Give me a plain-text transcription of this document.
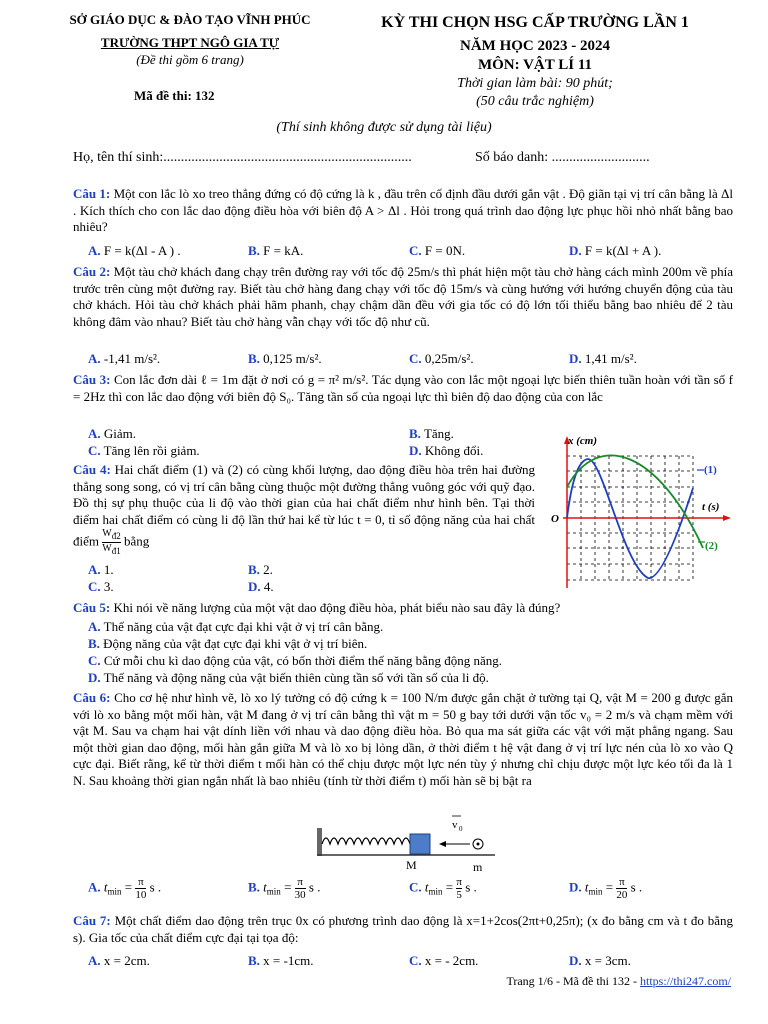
SỞ GIÁO DỤC & ĐÀO TẠO VĨNH PHÚC
TRƯỜNG THPT NGÔ GIA TỰ
(Đề thi gồm 6 trang)
Mã đề thi: 132
KỲ THI CHỌN HSG CẤP TRƯỜNG LẦN 1
NĂM HỌC 2023 - 2024
MÔN: VẬT LÍ 11
Thời gian làm bài: 90 phút;
(50 câu trắc nghiệm)
(Thí sinh không được sử dụng tài liệu)
Họ, tên thí sinh:.......................................................................	Số báo danh: ............................
Câu 1: Một con lắc lò xo treo thẳng đứng có độ cứng là k , đầu trên cố định đầu dưới gắn vật . Độ giãn tại vị trí cân bằng là Δl . Kích thích cho con lắc dao động điều hòa với biên độ A > Δl . Hỏi trong quá trình dao động lực phục hồi nhỏ nhất bằng bao nhiêu?
A. F = k(Δl - A ) .	B. F = kA.	C. F = 0N.	D. F = k(Δl + A ).
Câu 2: Một tàu chở khách đang chạy trên đường ray với tốc độ 25m/s thì phát hiện một tàu chở hàng cách mình 200m về phía trước trên cùng một đường ray. Biết tàu chở hàng đang chạy với tốc độ 15m/s và cùng hướng với hướng chuyển động của tàu chở khách. Hỏi tàu chở khách phải hãm phanh, chạy chậm dần đều với gia tốc có độ lớn tối thiểu bằng bao nhiêu để 2 tàu không đâm vào nhau? Biết tàu chở hàng vẫn chạy với tốc độ như cũ.
A. -1,41 m/s².	B. 0,125 m/s².	C. 0,25m/s².	D. 1,41 m/s².
Câu 3: Con lắc đơn dài ℓ = 1m đặt ở nơi có g = π² m/s². Tác dụng vào con lắc một ngoại lực biến thiên tuần hoàn với tần số f = 2Hz thì con lắc dao động với biên độ S₀. Tăng tần số của ngoại lực thì biên độ dao động của con lắc
A. Giảm.	B. Tăng.
C. Tăng lên rồi giảm.	D. Không đổi.
Câu 4: Hai chất điểm (1) và (2) có cùng khối lượng, dao động điều hòa trên hai đường thẳng song song, có vị trí cân bằng cùng thuộc một đường thẳng vuông góc với quỹ đạo. Đồ thị sự phụ thuộc của li độ vào thời gian của hai chất điểm như hình bên. Tại thời điểm hai chất điểm có cùng li độ lần thứ hai kể từ lúc t = 0, tỉ số động năng của hai chất điểm $\frac{Wđ2}{Wđ1}$ bằng
A. 1.	B. 2.
C. 3.	D. 4.
x (cm)
t (s)
O
(1)
(2)
Câu 5: Khi nói về năng lượng của một vật dao động điều hòa, phát biểu nào sau đây là đúng?
A. Thế năng của vật đạt cực đại khi vật ở vị trí cân bằng.
B. Động năng của vật đạt cực đại khi vật ở vị trí biên.
C. Cứ mỗi chu kì dao động của vật, có bốn thời điểm thế năng bằng động năng.
D. Thế năng và động năng của vật biến thiên cùng tần số với tần số của li độ.
Câu 6: Cho cơ hệ như hình vẽ, lò xo lý tưởng có độ cứng k = 100 N/m được gắn chặt ở tường tại Q, vật M = 200 g được gắn với lò xo bằng một mối hàn, vật M đang ở vị trí cân bằng thì vật m = 50 g bay tới dưới vận tốc v₀ = 2 m/s và chạm mềm với vật M. Sau va chạm hai vật dính liền với nhau và dao động điều hòa. Bỏ qua ma sát giữa các vật với mặt phẳng ngang. Sau một thời gian dao động, mối hàn gắn giữa M và lò xo bị lỏng dần, ở thời điểm t hệ vật đang ở vị trí lực nén của lò xo vào Q cực đại. Biết rằng, kể từ thời điểm t mối hàn có thể chịu được một lực nén tùy ý nhưng chỉ chịu được một lực kéo tối đa là 1 N. Sau khoảng thời gian ngắn nhất là bao nhiêu (tính từ thời điểm t) mối hàn sẽ bị bật ra
v 0
M	m
A. $t_{min} = \frac{\pi}{10}$ s .	B. $t_{min} = \frac{\pi}{30}$ s .	C. $t_{min} = \frac{\pi}{5}$ s .	D. $t_{min} = \frac{\pi}{20}$ s .
Câu 7: Một chất điểm dao động trên trục 0x có phương trình dao động là x=1+2cos(2πt+0,25π); (x đo bằng cm và t đo bằng s). Gia tốc của chất điểm cực đại tại tọa độ:
A. x = 2cm.	B. x = -1cm.	C. x = - 2cm.	D. x = 3cm.
Trang 1/6 - Mã đề thi 132 - https://thi247.com/
